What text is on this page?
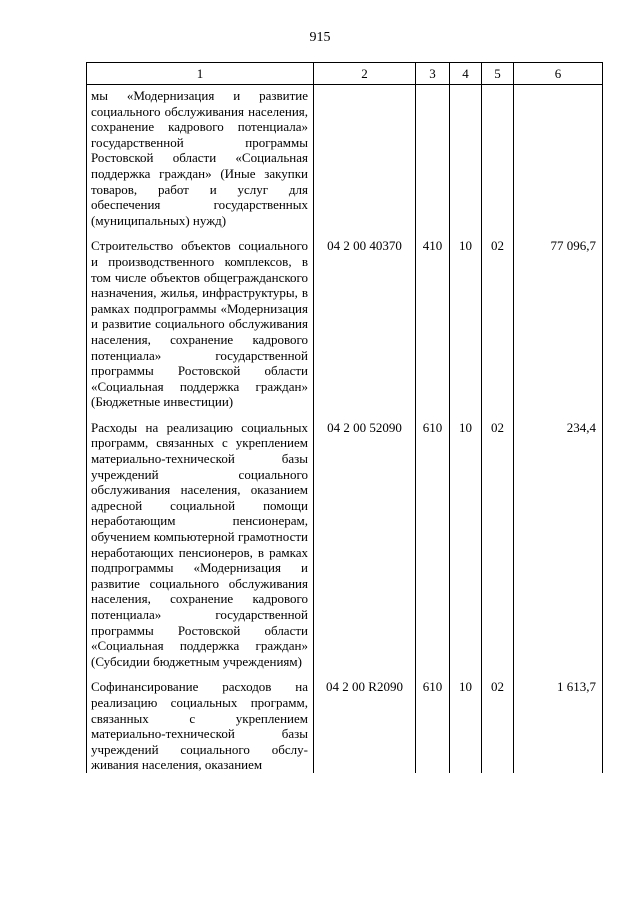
915
1	2	3	4	5	6
мы «Модернизация и развитие социального обслуживания населения, сохранение кадрового потенциала» государственной программы Ростовской области «Социальная поддержка граждан» (Иные закупки товаров, работ и услуг для обеспечения государственных (муниципальных) нужд)					
Строительство объектов социального и производственного комплексов, в том числе объектов общегражданского назначения, жилья, инфраструктуры, в рамках подпрограммы «Модернизация и развитие социального обслуживания населения, сохранение кадрового потенциала» государственной программы Ростовской области «Социальная поддержка граждан» (Бюджетные инвестиции)	04 2 00 40370	410	10	02	77 096,7
Расходы на реализацию социальных программ, связанных с укреплением материально-технической базы учреждений социального обслуживания населения, оказанием адресной социальной помощи неработающим пенсионерам, обучением компьютерной грамотности неработающих пенсионеров, в рамках подпрограммы «Модернизация и развитие социального обслуживания населения, сохранение кадрового потенциала» государственной программы Ростовской области «Социальная поддержка граждан» (Субсидии бюджетным учреждениям)	04 2 00 52090	610	10	02	234,4
Софинансирование расходов на реализацию социальных программ, связанных с укреплением материально-технической базы учреждений социального обслуживания населения, оказанием	04 2 00 R2090	610	10	02	1 613,7
